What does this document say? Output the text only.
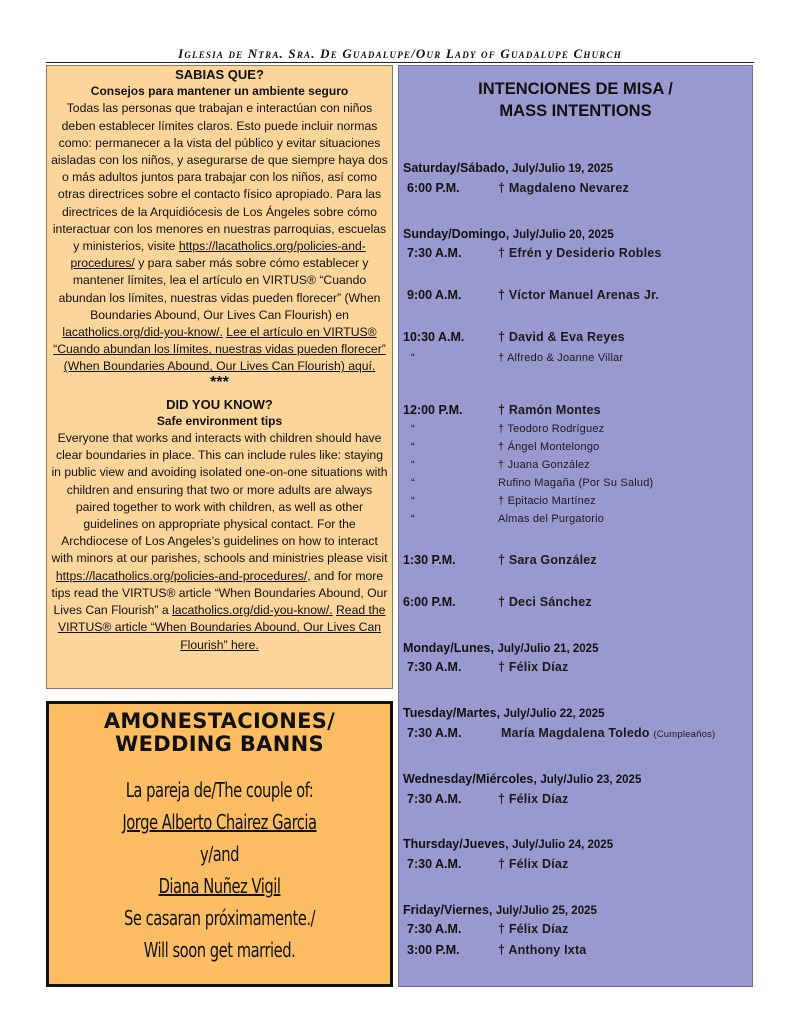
Iglesia de Ntra. Sra. De Guadalupe/Our Lady of Guadalupe Church
SABIAS QUE?
Consejos para mantener un ambiente seguro

Todas las personas que trabajan e interactúan con niños deben establecer límites claros. Esto puede incluir normas como: permanecer a la vista del público y evitar situaciones aisladas con los niños, y asegurarse de que siempre haya dos o más adultos juntos para trabajar con los niños, así como otras directrices sobre el contacto físico apropiado. Para las directrices de la Arquidiócesis de Los Ángeles sobre cómo interactuar con los menores en nuestras parroquias, escuelas y ministerios, visite https://lacatholics.org/policies-and-procedures/ y para saber más sobre cómo establecer y mantener límites, lea el artículo en VIRTUS® “Cuando abundan los límites, nuestras vidas pueden florecer” (When Boundaries Abound, Our Lives Can Flourish) en lacatholics.org/did-you-know/. Lee el artículo en VIRTUS® “Cuando abundan los límites, nuestras vidas pueden florecer” (When Boundaries Abound, Our Lives Can Flourish) aquí.

***
DID YOU KNOW?
Safe environment tips

Everyone that works and interacts with children should have clear boundaries in place. This can include rules like: staying in public view and avoiding isolated one-on-one situations with children and ensuring that two or more adults are always paired together to work with children, as well as other guidelines on appropriate physical contact. For the Archdiocese of Los Angeles’s guidelines on how to interact with minors at our parishes, schools and ministries please visit https://lacatholics.org/policies-and-procedures/, and for more tips read the VIRTUS® article “When Boundaries Abound, Our Lives Can Flourish” a lacatholics.org/did-you-know/. Read the VIRTUS® article “When Boundaries Abound, Our Lives Can Flourish” here.

AMONESTACIONES/
WEDDING BANNS
La pareja de/The couple of:
Jorge Alberto Chairez Garcia
y/and
Diana Nuñez Vigil
Se casaran próximamente./
Will soon get married.
INTENCIONES DE MISA /
MASS INTENTIONS
Saturday/Sábado, July/Julio 19, 2025
6:00 P.M.	† Magdaleno Nevarez
Sunday/Domingo, July/Julio 20, 2025
7:30 A.M.	† Efrén y Desiderio Robles
9:00 A.M.	† Víctor Manuel Arenas Jr.
10:30 A.M.	† David & Eva Reyes
“	† Alfredo & Joanne Villar
12:00 P.M.	† Ramón Montes
“	† Teodoro Rodríguez
“	† Ángel Montelongo
“	† Juana González
“	Rufino Magaña (Por Su Salud)
“	† Epitacio Martínez
“	Almas del Purgatorio
1:30 P.M.	† Sara González
6:00 P.M.	† Deci Sánchez
Monday/Lunes, July/Julio 21, 2025
7:30 A.M.	† Félix Díaz
Tuesday/Martes, July/Julio 22, 2025
7:30 A.M.	María Magdalena Toledo (Cumpleaños)
Wednesday/Miércoles, July/Julio 23, 2025
7:30 A.M.	† Félix Díaz
Thursday/Jueves, July/Julio 24, 2025
7:30 A.M.	† Félix Díaz
Friday/Viernes, July/Julio 25, 2025
7:30 A.M.	† Félix Díaz
3:00 P.M.	† Anthony Ixta
